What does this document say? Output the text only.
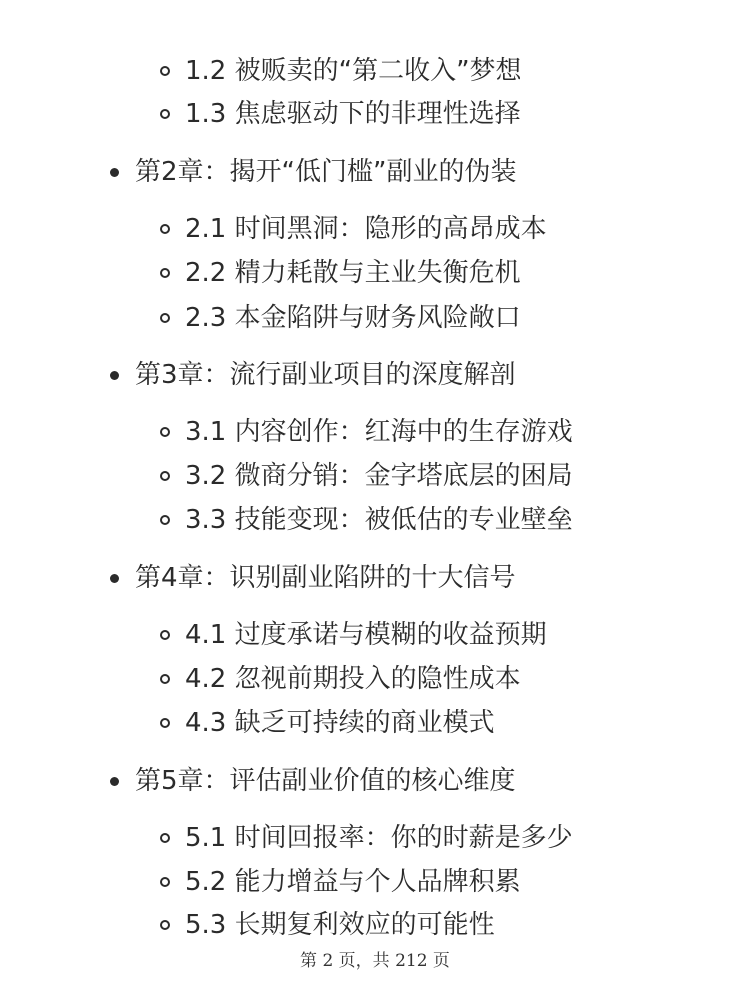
1.2 被贩卖的“第二收入”梦想
1.3 焦虑驱动下的非理性选择
第2章：揭开“低门槛”副业的伪装
2.1 时间黑洞：隐形的高昂成本
2.2 精力耗散与主业失衡危机
2.3 本金陷阱与财务风险敞口
第3章：流行副业项目的深度解剖
3.1 内容创作：红海中的生存游戏
3.2 微商分销：金字塔底层的困局
3.3 技能变现：被低估的专业壁垒
第4章：识别副业陷阱的十大信号
4.1 过度承诺与模糊的收益预期
4.2 忽视前期投入的隐性成本
4.3 缺乏可持续的商业模式
第5章：评估副业价值的核心维度
5.1 时间回报率：你的时薪是多少
5.2 能力增益与个人品牌积累
5.3 长期复利效应的可能性
第 2 页，共 212 页
